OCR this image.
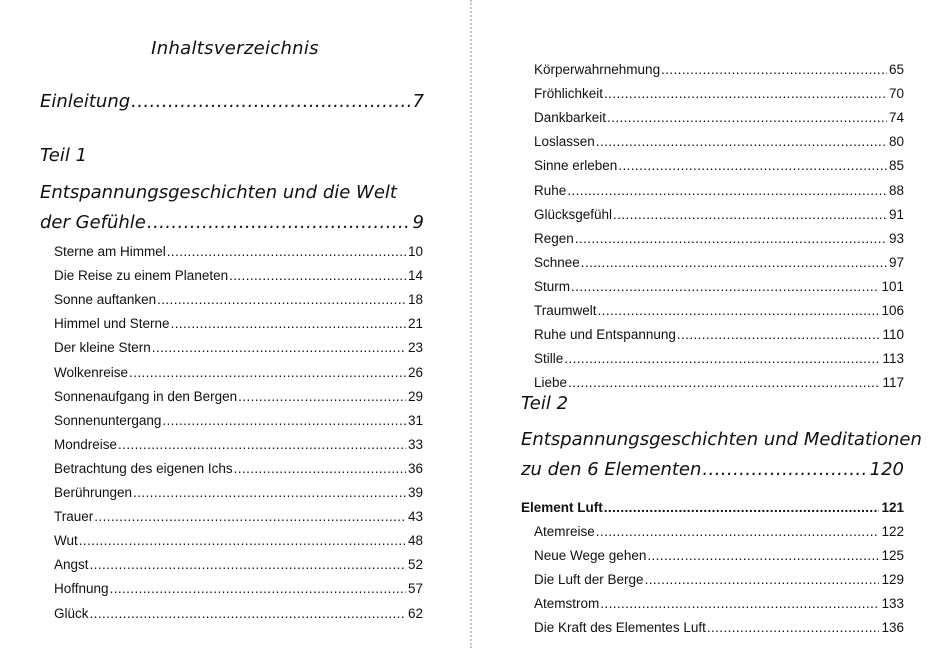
Inhaltsverzeichnis
Einleitung .....	7
Teil 1
Entspannungsgeschichten und die Welt
der Gefühle .....	9
Sterne am Himmel .....	10
Die Reise zu einem Planeten .....	14
Sonne auftanken .....	18
Himmel und Sterne .....	21
Der kleine Stern .....	23
Wolkenreise .....	26
Sonnenaufgang in den Bergen .....	29
Sonnenuntergang .....	31
Mondreise .....	33
Betrachtung des eigenen Ichs .....	36
Berührungen .....	39
Trauer .....	43
Wut .....	48
Angst .....	52
Hoffnung .....	57
Glück .....	62
Körperwahrnehmung .....	65
Fröhlichkeit .....	70
Dankbarkeit .....	74
Loslassen .....	80
Sinne erleben .....	85
Ruhe .....	88
Glücksgefühl .....	91
Regen .....	93
Schnee .....	97
Sturm .....	101
Traumwelt .....	106
Ruhe und Entspannung .....	110
Stille .....	113
Liebe .....	117
Teil 2
Entspannungsgeschichten und Meditationen
zu den 6 Elementen .....	120
Element Luft .....	121
Atemreise .....	122
Neue Wege gehen .....	125
Die Luft der Berge .....	129
Atemstrom .....	133
Die Kraft des Elementes Luft .....	136
